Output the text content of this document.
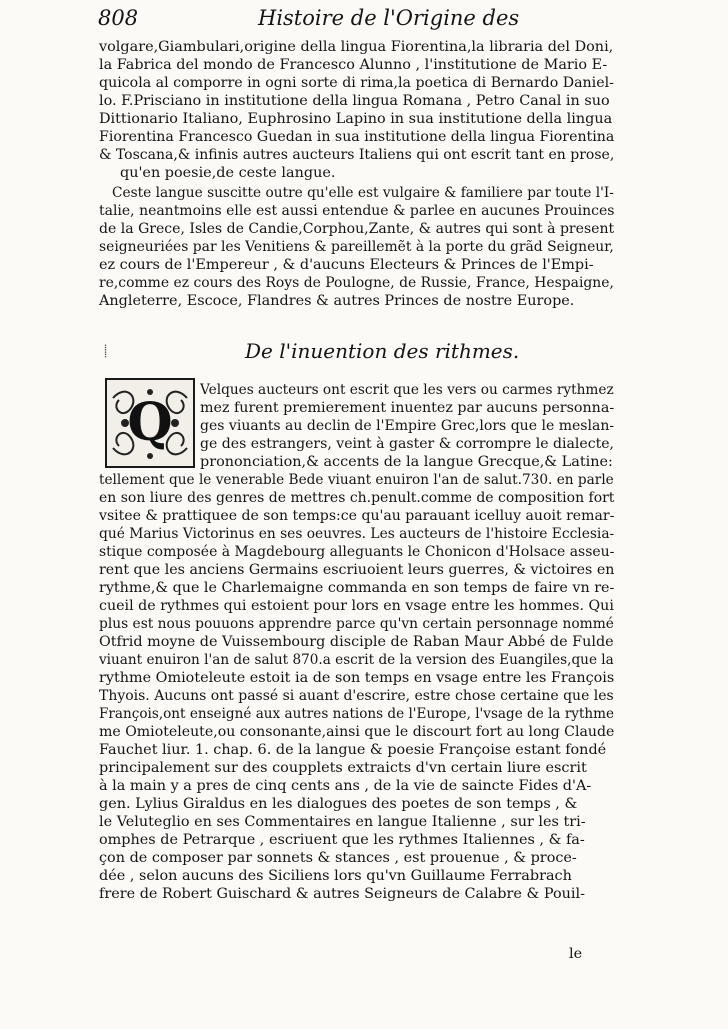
808	Histoire de l'Origine des
volgare,Giambulari,origine della lingua Fiorentina,la libraria del Doni,
la Fabrica del mondo de Francesco Alunno , l'institutione de Mario E-
quicola al comporre in ogni sorte di rima,la poetica di Bernardo Daniel-
lo. F.Prisciano in institutione della lingua Romana , Petro Canal in suo
Dittionario Italiano, Euphrosino Lapino in sua institutione della lingua
Fiorentina Francesco Guedan in sua institutione della lingua Fiorentina
& Toscana,& infinis autres aucteurs Italiens qui ont escrit tant en prose,
qu'en poesie,de ceste langue.
Ceste langue suscitte outre qu'elle est vulgaire & familiere par toute l'I-
talie, neantmoins elle est aussi entendue & parlee en aucunes Prouinces
de la Grece, Isles de Candie,Corphou,Zante, & autres qui sont à present
seigneuriées par les Venitiens & pareillemẽt à la porte du grãd Seigneur,
ez cours de l'Empereur , & d'aucuns Electeurs & Princes de l'Empi-
re,comme ez cours des Roys de Poulogne, de Russie, France, Hespaigne,
Angleterre, Escoce, Flandres & autres Princes de nostre Europe.
⸽	De l'inuention des rithmes.
Q
Velques aucteurs ont escrit que les vers ou carmes rythmez
mez furent premierement inuentez par aucuns personna-
ges viuants au declin de l'Empire Grec,lors que le meslan-
ge des estrangers, veint à gaster & corrompre le dialecte,
prononciation,& accents de la langue Grecque,& Latine:
tellement que le venerable Bede viuant enuiron l'an de salut.730. en parle
en son liure des genres de mettres ch.penult.comme de composition fort
vsitee & prattiquee de son temps:ce qu'au parauant icelluy auoit remar-
qué Marius Victorinus en ses oeuvres. Les aucteurs de l'histoire Ecclesia-
stique composée à Magdebourg alleguants le Chonicon d'Holsace asseu-
rent que les anciens Germains escriuoient leurs guerres, & victoires en
rythme,& que le Charlemaigne commanda en son temps de faire vn re-
cueil de rythmes qui estoient pour lors en vsage entre les hommes. Qui
plus est nous pouuons apprendre parce qu'vn certain personnage nommé
Otfrid moyne de Vuissembourg disciple de Raban Maur Abbé de Fulde
viuant enuiron l'an de salut 870.a escrit de la version des Euangiles,que la
rythme Omioteleute estoit ia de son temps en vsage entre les François
Thyois. Aucuns ont passé si auant d'escrire, estre chose certaine que les
François,ont enseigné aux autres nations de l'Europe, l'vsage de la rythme
me Omioteleute,ou consonante,ainsi que le discourt fort au long Claude
Fauchet liur. 1. chap. 6. de la langue & poesie Françoise estant fondé
principalement sur des coupplets extraicts d'vn certain liure escrit
à la main y a pres de cinq cents ans , de la vie de saincte Fides d'A-
gen. Lylius Giraldus en les dialogues des poetes de son temps , &
le Veluteglio en ses Commentaires en langue Italienne , sur les tri-
omphes de Petrarque , escriuent que les rythmes Italiennes , & fa-
çon de composer par sonnets & stances , est prouenue , & proce-
dée , selon aucuns des Siciliens lors qu'vn Guillaume Ferrabrach
frere de Robert Guischard & autres Seigneurs de Calabre & Pouil-
le
